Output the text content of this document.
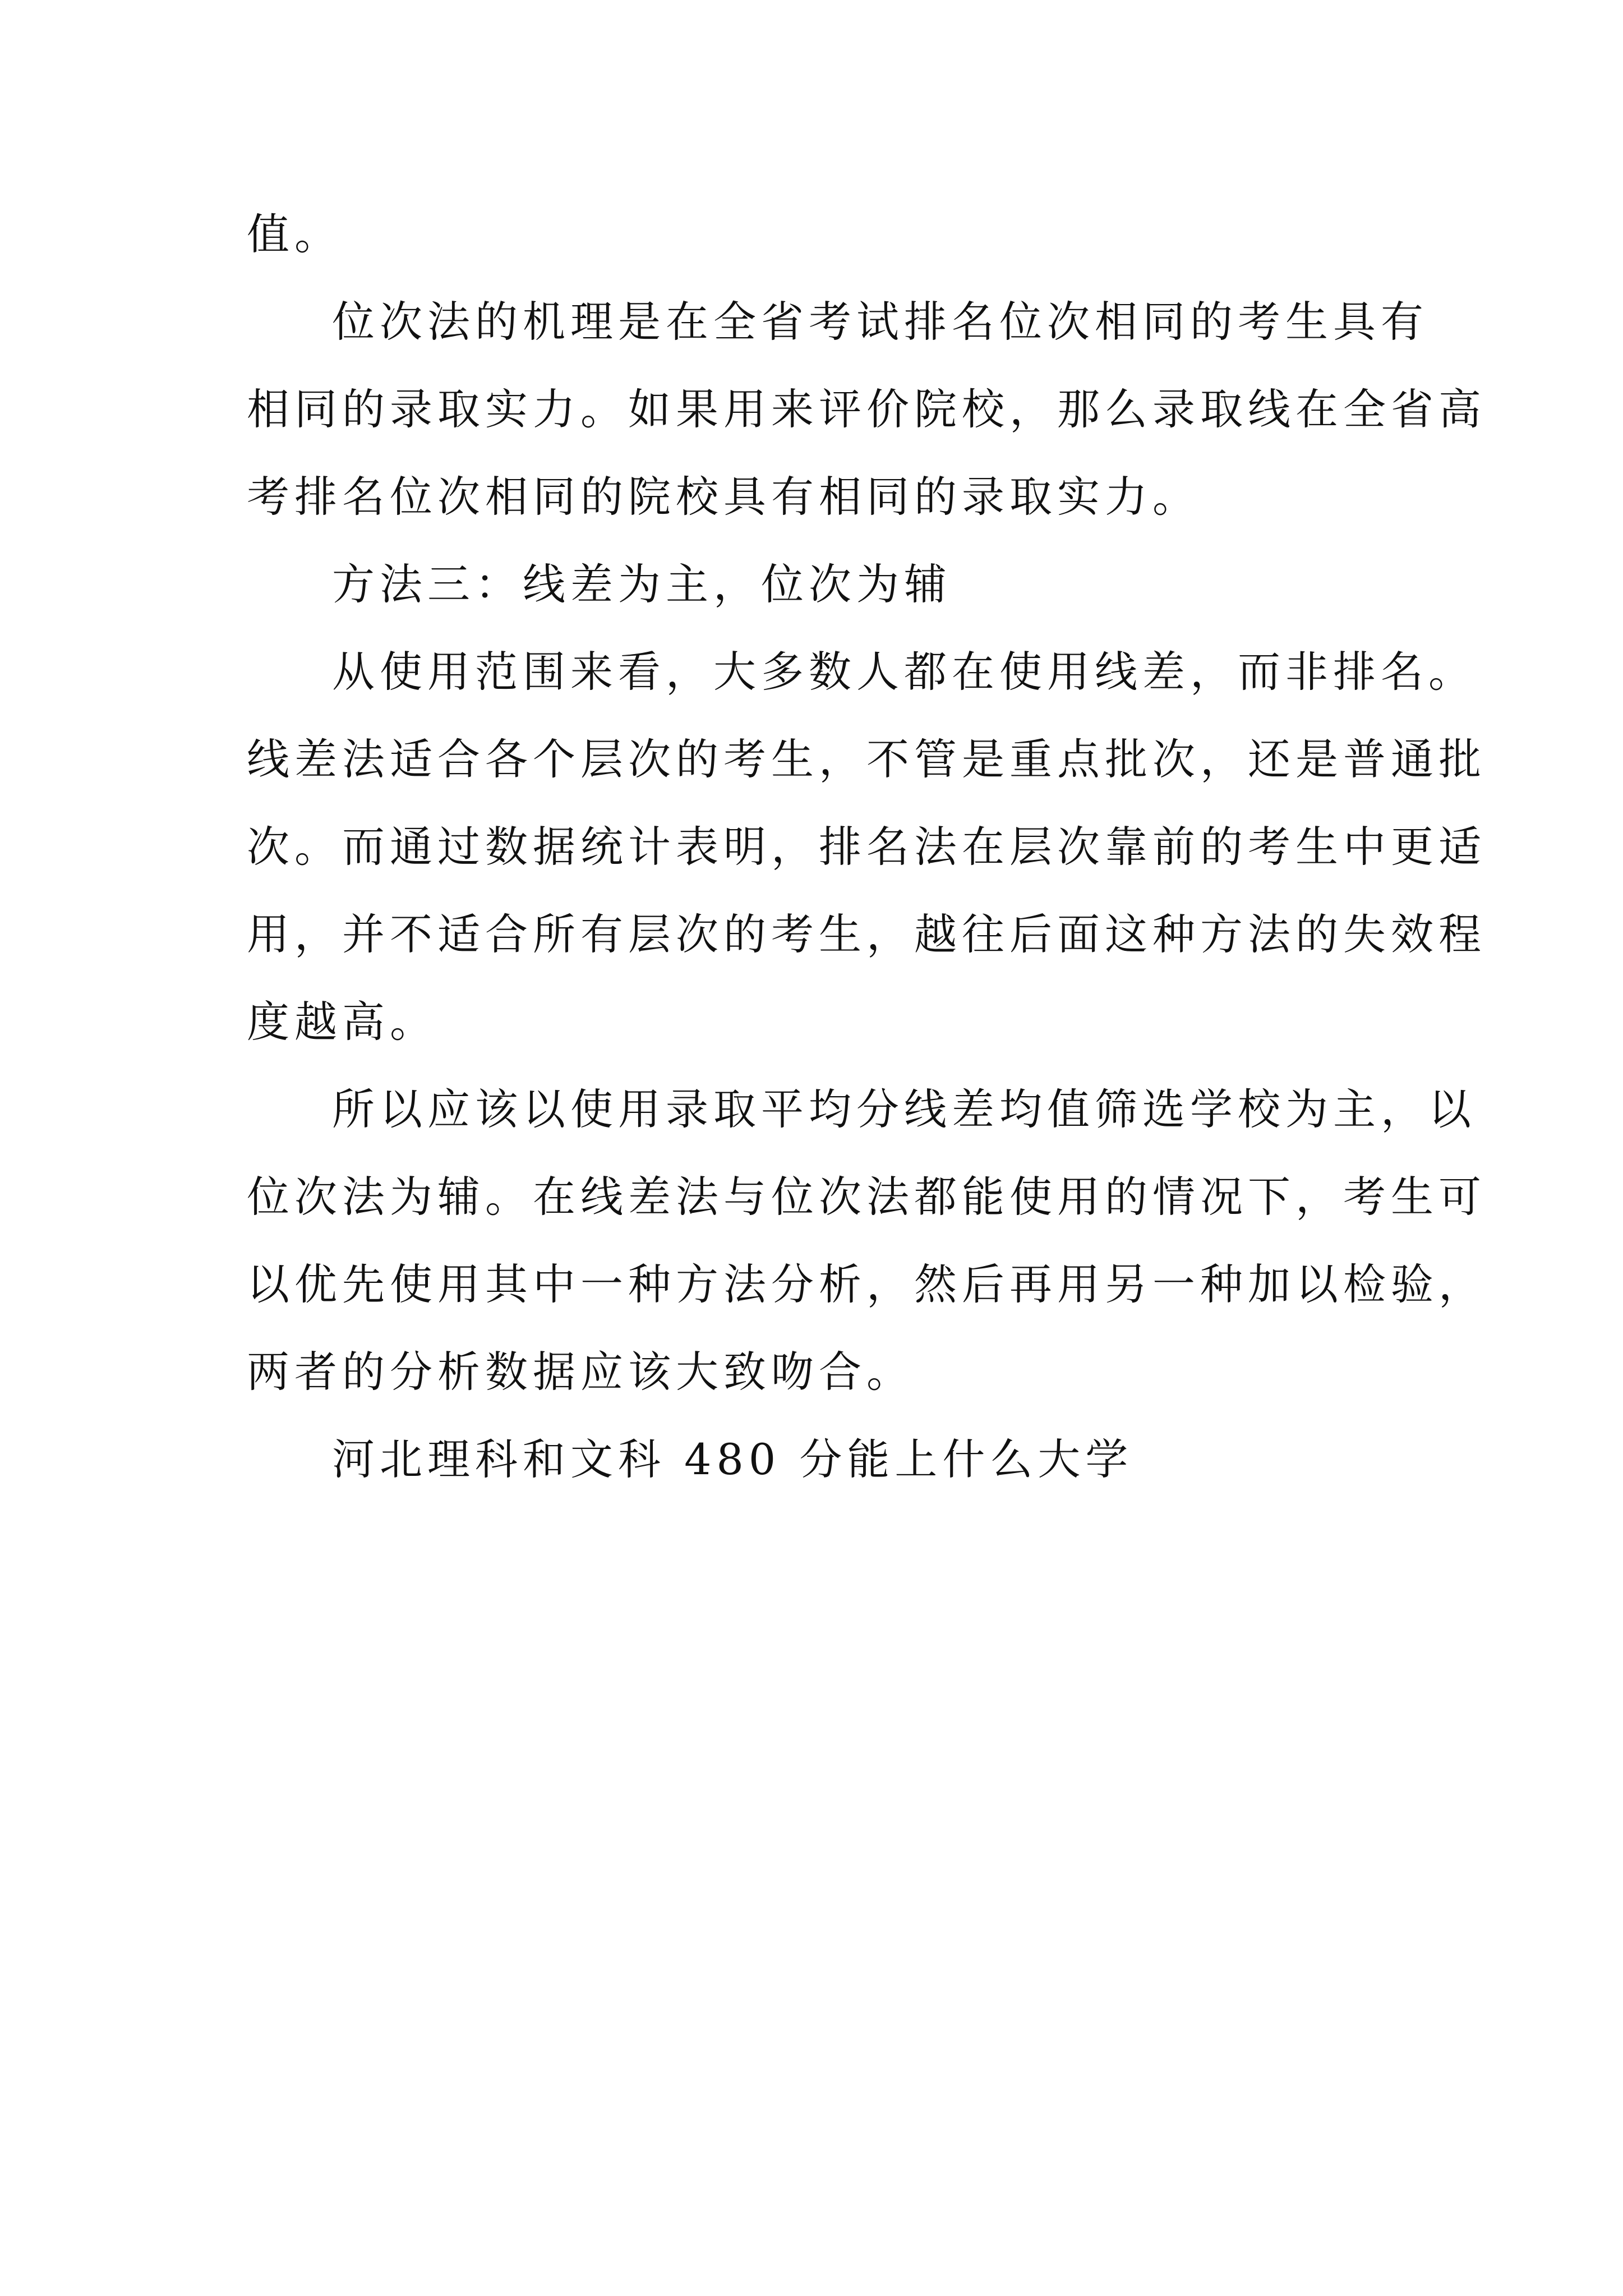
值。
位次法的机理是在全省考试排名位次相同的考生具有
相同的录取实力。如果用来评价院校，那么录取线在全省高
考排名位次相同的院校具有相同的录取实力。
方法三：线差为主，位次为辅
从使用范围来看，大多数人都在使用线差，而非排名。
线差法适合各个层次的考生，不管是重点批次，还是普通批
次。而通过数据统计表明，排名法在层次靠前的考生中更适
用，并不适合所有层次的考生，越往后面这种方法的失效程
度越高。
所以应该以使用录取平均分线差均值筛选学校为主，以
位次法为辅。在线差法与位次法都能使用的情况下，考生可
以优先使用其中一种方法分析，然后再用另一种加以检验，
两者的分析数据应该大致吻合。
河北理科和文科 480 分能上什么大学
